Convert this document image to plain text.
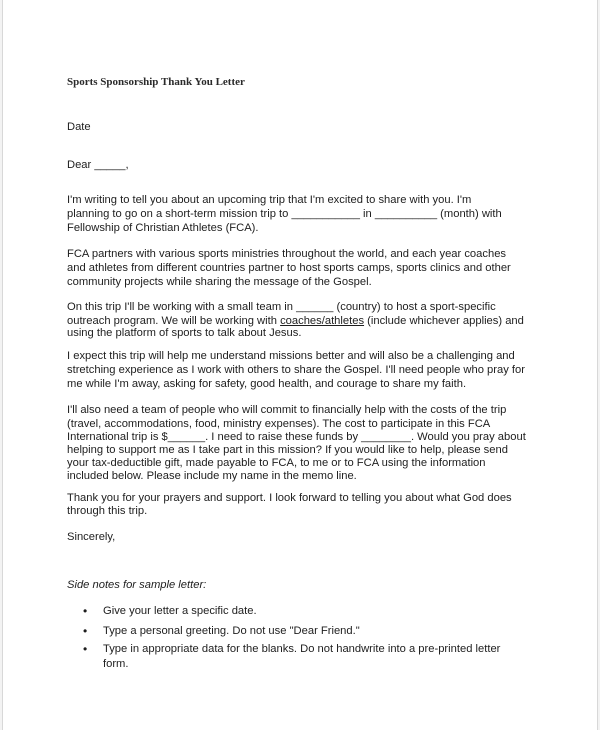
Sports Sponsorship Thank You Letter

Date

Dear _____,

I'm writing to tell you about an upcoming trip that I'm excited to share with you. I'm

planning to go on a short-term mission trip to ___________ in __________ (month) with

Fellowship of Christian Athletes (FCA).

FCA partners with various sports ministries throughout the world, and each year coaches

and athletes from different countries partner to host sports camps, sports clinics and other

community projects while sharing the message of the Gospel.

On this trip I'll be working with a small team in ______ (country) to host a sport-specific

outreach program. We will be working with coaches/athletes (include whichever applies) and

using the platform of sports to talk about Jesus.

I expect this trip will help me understand missions better and will also be a challenging and

stretching experience as I work with others to share the Gospel. I'll need people who pray for

me while I'm away, asking for safety, good health, and courage to share my faith.

I'll also need a team of people who will commit to financially help with the costs of the trip

(travel, accommodations, food, ministry expenses). The cost to participate in this FCA

International trip is $______. I need to raise these funds by ________. Would you pray about

helping to support me as I take part in this mission? If you would like to help, please send

your tax-deductible gift, made payable to FCA, to me or to FCA using the information

included below. Please include my name in the memo line.

Thank you for your prayers and support. I look forward to telling you about what God does

through this trip.

Sincerely,

Side notes for sample letter:

• Give your letter a specific date.

• Type a personal greeting. Do not use "Dear Friend."

• Type in appropriate data for the blanks. Do not handwrite into a pre-printed letter

form.
